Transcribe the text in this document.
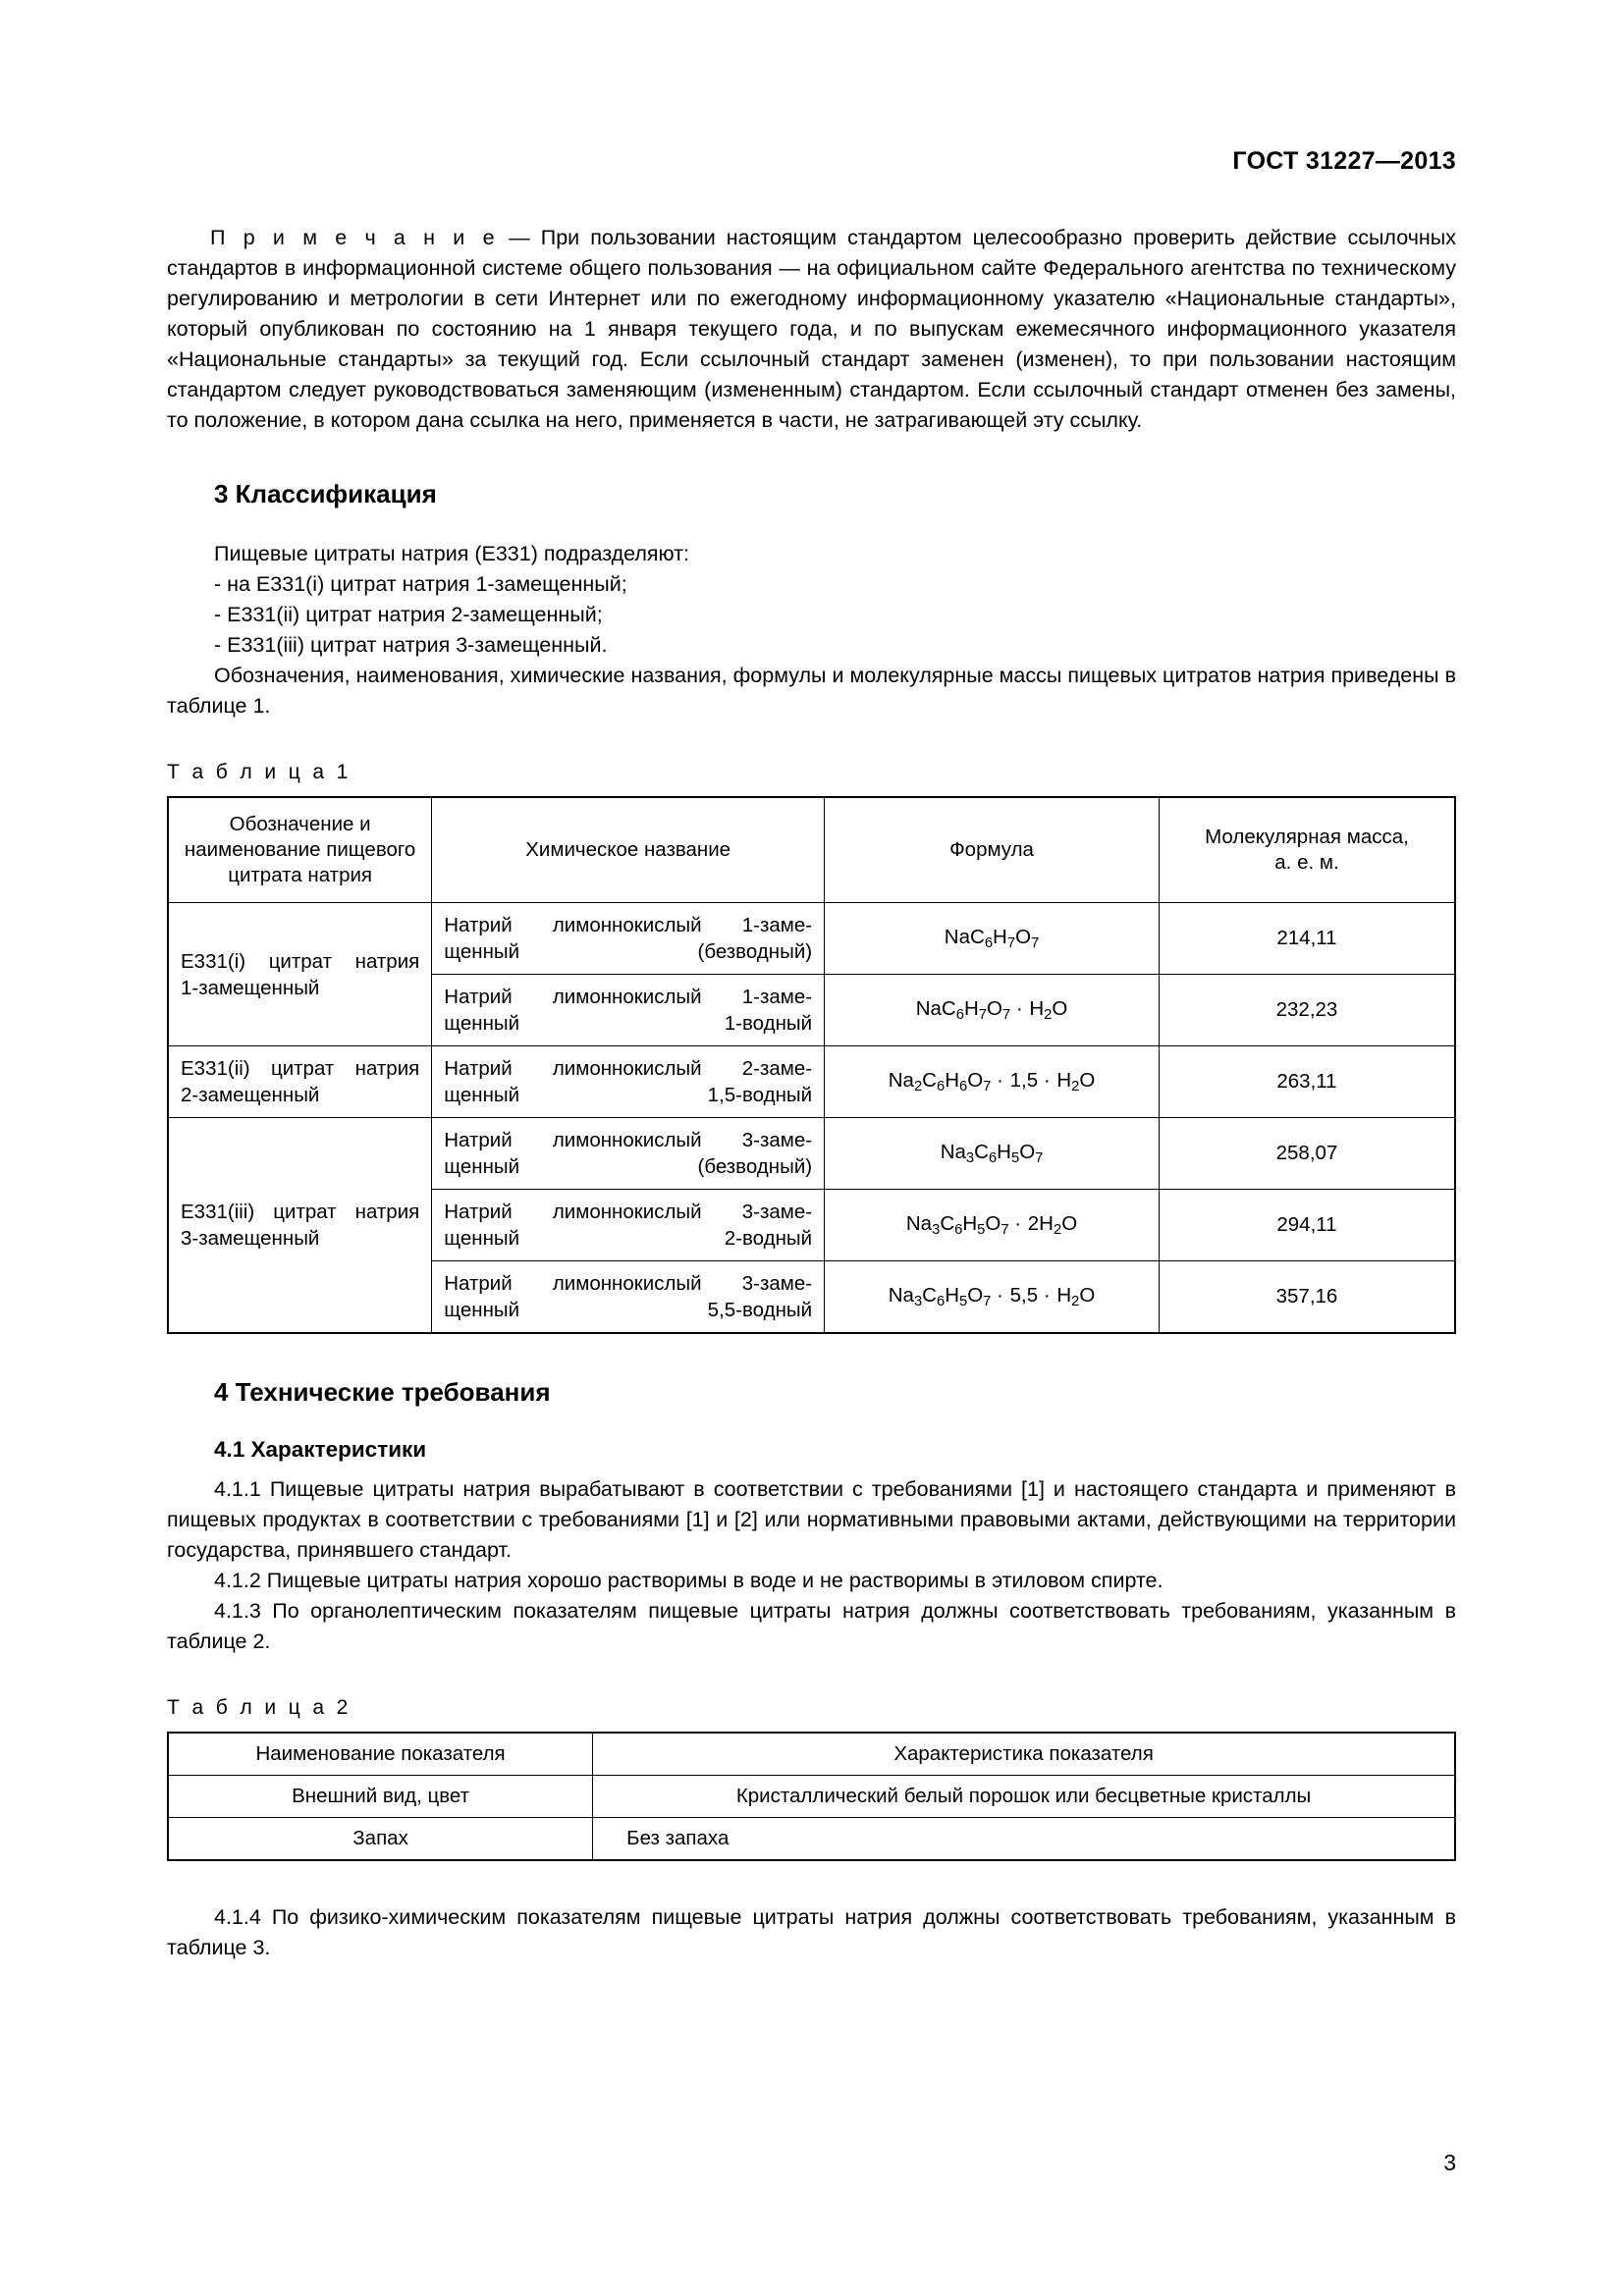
ГОСТ 31227—2013

П р и м е ч а н и е — При пользовании настоящим стандартом целесообразно проверить действие ссылочных стандартов в информационной системе общего пользования — на официальном сайте Федерального агентства по техническому регулированию и метрологии в сети Интернет или по ежегодному информационному указателю «Национальные стандарты», который опубликован по состоянию на 1 января текущего года, и по выпускам ежемесячного информационного указателя «Национальные стандарты» за текущий год. Если ссылочный стандарт заменен (изменен), то при пользовании настоящим стандартом следует руководствоваться заменяющим (измененным) стандартом. Если ссылочный стандарт отменен без замены, то положение, в котором дана ссылка на него, применяется в части, не затрагивающей эту ссылку.

3 Классификация

Пищевые цитраты натрия (Е331) подразделяют:

- на Е331(i) цитрат натрия 1-замещенный;

- Е331(ii) цитрат натрия 2-замещенный;

- Е331(iii) цитрат натрия 3-замещенный.

Обозначения, наименования, химические названия, формулы и молекулярные массы пищевых цитратов натрия приведены в таблице 1.

Т а б л и ц а 1
Обозначение и наименование пищевого цитрата натрия	Химическое название	Формула	Молекулярная масса,
а. е. м.
Е331(i) цитрат натрия

1-замещенный	Натрий лимоннокислый 1-заме-
щенный (безводный)	$NaC_6H_7O_7$	214,11
	Натрий лимоннокислый 1-заме-
щенный 1-водный	$NaC_6H_7O_7 \cdot H_2O$	232,23
Е331(ii) цитрат натрия

2-замещенный	Натрий лимоннокислый 2-заме-
щенный 1,5-водный	$Na_2C_6H_6O_7 \cdot 1,5 \cdot H_2O$	263,11
Е331(iii) цитрат натрия

3-замещенный	Натрий лимоннокислый 3-заме-
щенный (безводный)	$Na_3C_6H_5O_7$	258,07
	Натрий лимоннокислый 3-заме-
щенный 2-водный	$Na_3C_6H_5O_7 \cdot 2H_2O$	294,11
	Натрий лимоннокислый 3-заме-
щенный 5,5-водный	$Na_3C_6H_5O_7 \cdot 5,5 \cdot H_2O$	357,16
4 Технические требования
4.1 Характеристики

4.1.1 Пищевые цитраты натрия вырабатывают в соответствии с требованиями [1] и настоящего стандарта и применяют в пищевых продуктах в соответствии с требованиями [1] и [2] или нормативными правовыми актами, действующими на территории государства, принявшего стандарт.

4.1.2 Пищевые цитраты натрия хорошо растворимы в воде и не растворимы в этиловом спирте.

4.1.3 По органолептическим показателям пищевые цитраты натрия должны соответствовать требованиям, указанным в таблице 2.

Т а б л и ц а 2
Наименование показателя	Характеристика показателя
Внешний вид, цвет	Кристаллический белый порошок или бесцветные кристаллы
Запах	Без запаха

4.1.4 По физико-химическим показателям пищевые цитраты натрия должны соответствовать требованиям, указанным в таблице 3.

3
